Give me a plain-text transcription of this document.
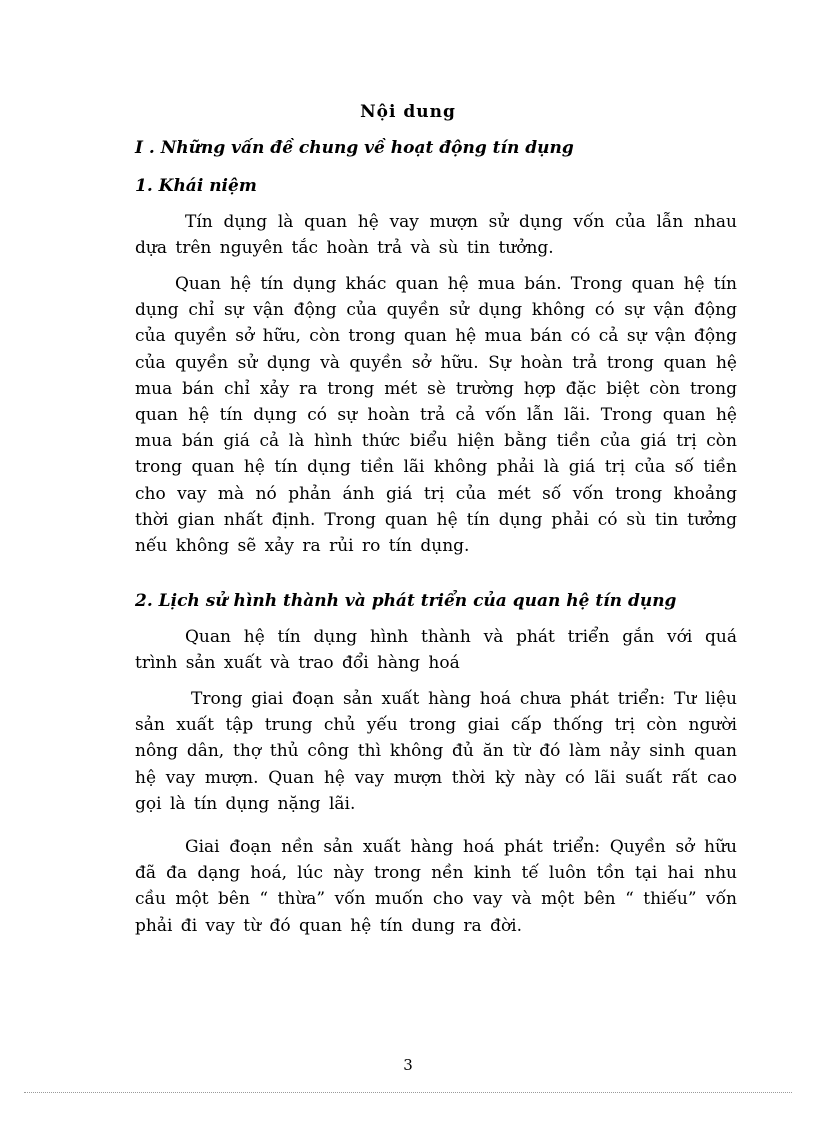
Nội dung
I . Những vấn đề chung về hoạt động tín dụng
1. Khái niệm
Tín dụng là quan hệ vay mượn sử dụng vốn của lẫn nhau dựa trên nguyên tắc hoàn trả và sù tin tưởng.
Quan hệ tín dụng khác quan hệ mua bán. Trong quan hệ tín dụng chỉ sự vận động của quyền sử dụng không có sự vận động của quyền sở hữu, còn trong quan hệ mua bán có cả sự vận động của quyền sử dụng và quyền sở hữu. Sự hoàn trả trong quan hệ mua bán chỉ xảy ra trong mét sè trường hợp đặc biệt còn trong quan hệ tín dụng có sự hoàn trả cả vốn lẫn lãi. Trong quan hệ mua bán giá cả là hình thức biểu hiện bằng tiền của giá trị còn trong quan hệ tín dụng tiền lãi không phải là giá trị của số tiền cho vay mà nó phản ánh giá trị của mét số vốn trong khoảng thời gian nhất định. Trong quan hệ tín dụng phải có sù tin tưởng nếu không sẽ xảy ra rủi ro tín dụng.
2. Lịch sử hình thành và phát triển của quan hệ tín dụng
Quan hệ tín dụng hình thành và phát triển gắn với quá trình sản xuất và trao đổi hàng hoá
Trong giai đoạn sản xuất hàng hoá chưa phát triển: Tư liệu sản xuất tập trung chủ yếu trong giai cấp thống trị còn người nông dân, thợ thủ công thì không đủ ăn từ đó làm nảy sinh quan hệ vay mượn. Quan hệ vay mượn thời kỳ này có lãi suất rất cao gọi là tín dụng nặng lãi.
Giai đoạn nền sản xuất hàng hoá phát triển: Quyền sở hữu đã đa dạng hoá, lúc này trong nền kinh tế luôn tồn tại hai nhu cầu một bên “ thừa” vốn muốn cho vay và một bên “ thiếu” vốn phải đi vay từ đó quan hệ tín dung ra đời.
3
